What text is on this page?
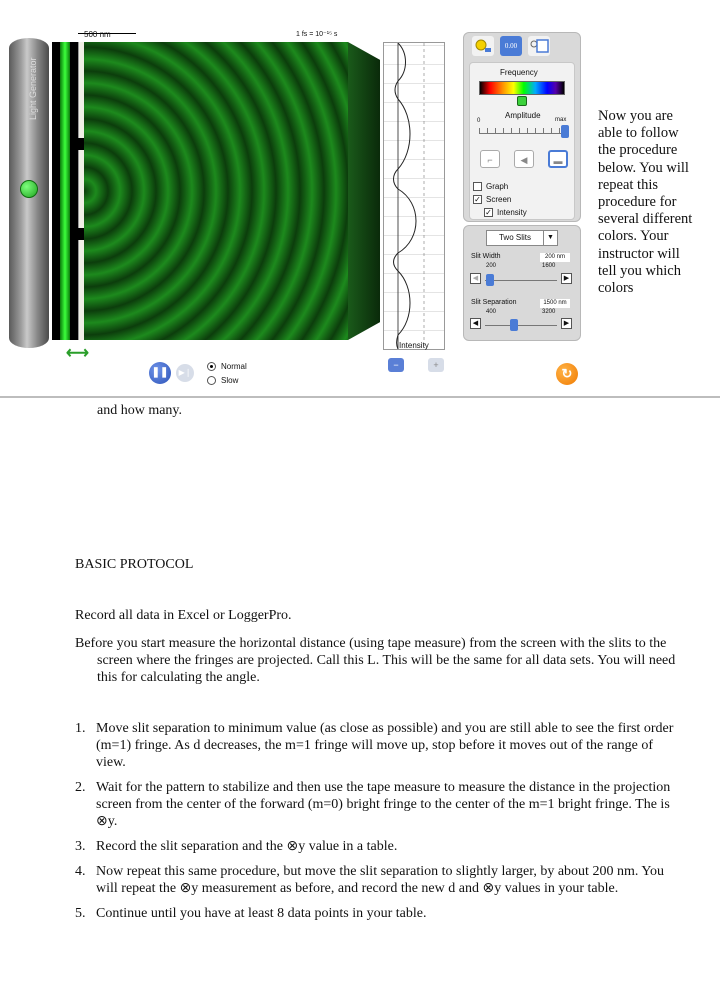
Light Generator
500 nm	1 fs = 10⁻¹⁵ s
⟷	Intensity
−	+
❚❚	▶❘
Normal
Slow
0.00
Frequency
Amplitude
0	max
⌐	◀	▬
Graph
✓ Screen
✓ Intensity
Two Slits	▼
Slit Width	200 nm
200	1600
◀	▶
Slit Separation	1500 nm
400	3200
◀	▶
↻
Now you are able to follow the procedure below. You will repeat this procedure for several different colors. Your instructor will tell you which colors
and how many.
BASIC PROTOCOL
Record all data in Excel or LoggerPro.
Before you start measure the horizontal distance (using tape measure) from the screen with the slits to the screen where the fringes are projected. Call this L. This will be the same for all data sets. You will need this for calculating the angle.
1. Move slit separation to minimum value (as close as possible) and you are still able to see the first order (m=1) fringe. As d decreases, the m=1 fringe will move up, stop before it moves out of the range of view.
2. Wait for the pattern to stabilize and then use the tape measure to measure the distance in the projection screen from the center of the forward (m=0) bright fringe to the center of the m=1 bright fringe. The is ⊗y.
3. Record the slit separation and the ⊗y value in a table.
4. Now repeat this same procedure, but move the slit separation to slightly larger, by about 200 nm. You will repeat the ⊗y measurement as before, and record the new d and ⊗y values in your table.
5. Continue until you have at least 8 data points in your table.
